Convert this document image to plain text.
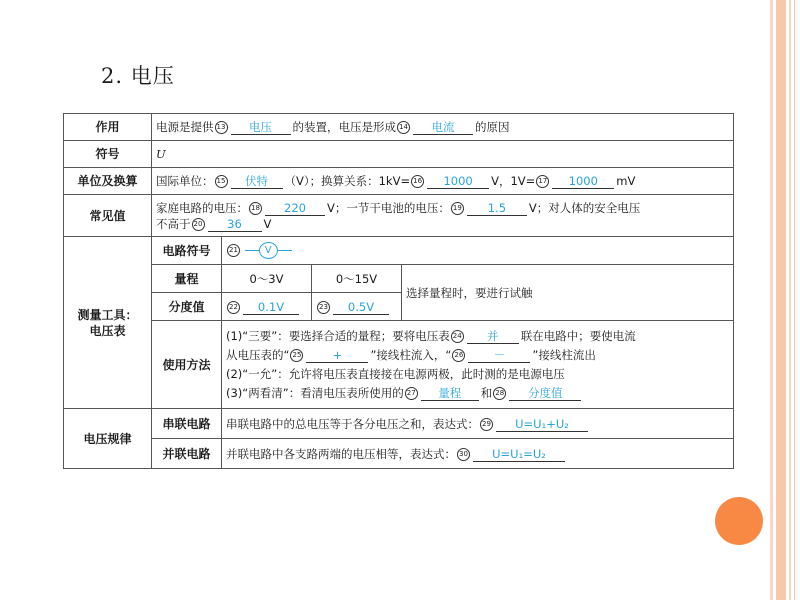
2. 电压
作用	电源是提供 13 电压 的装置，电压是形成 14 电流 的原因			
符号	U			
单位及换算	国际单位： 15 伏特 （V）；换算关系：1kV= 16 1000 V，1V= 17 1000 mV			
常见值	家庭电路的电压： 18 220 V；一节干电池的电压： 19 1.5 V；对人体的安全电压
不高于 20 36 V			

测量工具：电压表	电路符号	21 V		
	量程	0～3V	0～15V	选择量程时，要进行试触
	分度值	22 0.1V	23 0.5V	
	使用方法	(1)“三要”：要选择合适的量程；要将电压表 24 并 联在电路中；要使电流
从电压表的“ 25 + ”接线柱流入，“ 26 － ”接线柱流出
(2)“一允”：允许将电压表直接接在电源两极，此时测的是电源电压
(3)“两看清”：看清电压表所使用的 27 量程 和 28 分度值		

电压规律	串联电路	串联电路中的总电压等于各分电压之和，表达式： 29 U=U₁+U₂		
	并联电路	并联电路中各支路两端的电压相等，表达式： 30 U=U₁=U₂		
